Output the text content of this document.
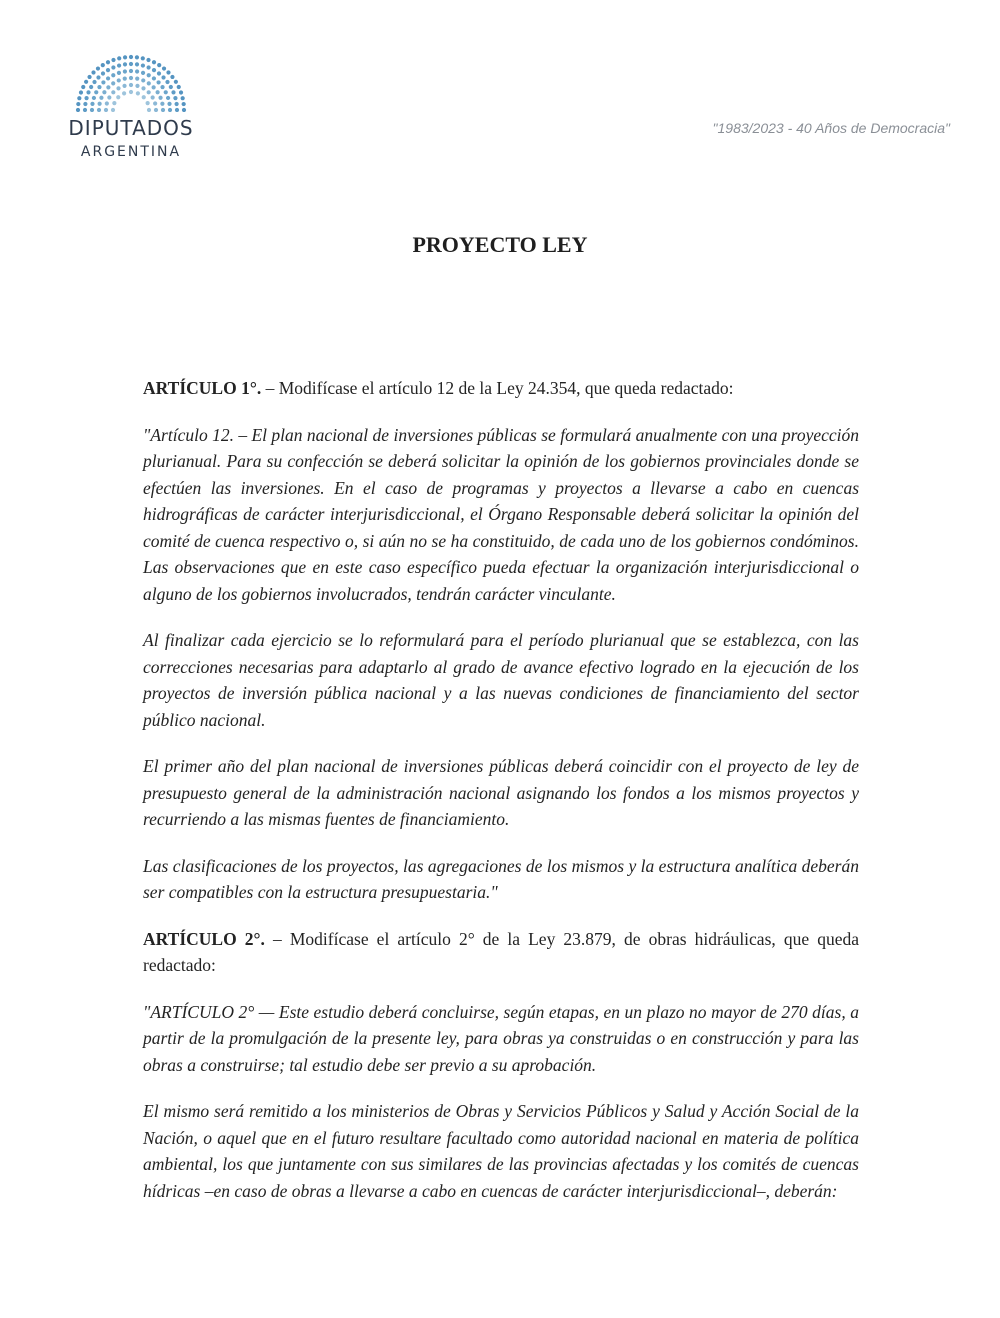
DIPUTADOS
ARGENTINA
"1983/2023 - 40 Años de Democracia"
PROYECTO LEY

ARTÍCULO 1°. – Modifícase el artículo 12 de la Ley 24.354, que queda redactado:

"Artículo 12. – El plan nacional de inversiones públicas se formulará anualmente con una proyección plurianual. Para su confección se deberá solicitar la opinión de los gobiernos provinciales donde se efectúen las inversiones. En el caso de programas y proyectos a llevarse a cabo en cuencas hidrográficas de carácter interjurisdiccional, el Órgano Responsable deberá solicitar la opinión del comité de cuenca respectivo o, si aún no se ha constituido, de cada uno de los gobiernos condóminos. Las observaciones que en este caso específico pueda efectuar la organización interjurisdiccional o alguno de los gobiernos involucrados, tendrán carácter vinculante.

Al finalizar cada ejercicio se lo reformulará para el período plurianual que se establezca, con las correcciones necesarias para adaptarlo al grado de avance efectivo logrado en la ejecución de los proyectos de inversión pública nacional y a las nuevas condiciones de financiamiento del sector público nacional.

El primer año del plan nacional de inversiones públicas deberá coincidir con el proyecto de ley de presupuesto general de la administración nacional asignando los fondos a los mismos proyectos y recurriendo a las mismas fuentes de financiamiento.

Las clasificaciones de los proyectos, las agregaciones de los mismos y la estructura analítica deberán ser compatibles con la estructura presupuestaria."

ARTÍCULO 2°. – Modifícase el artículo 2° de la Ley 23.879, de obras hidráulicas, que queda redactado:

"ARTÍCULO 2° — Este estudio deberá concluirse, según etapas, en un plazo no mayor de 270 días, a partir de la promulgación de la presente ley, para obras ya construidas o en construcción y para las obras a construirse; tal estudio debe ser previo a su aprobación.

El mismo será remitido a los ministerios de Obras y Servicios Públicos y Salud y Acción Social de la Nación, o aquel que en el futuro resultare facultado como autoridad nacional en materia de política ambiental, los que juntamente con sus similares de las provincias afectadas y los comités de cuencas hídricas –en caso de obras a llevarse a cabo en cuencas de carácter interjurisdiccional–, deberán:
